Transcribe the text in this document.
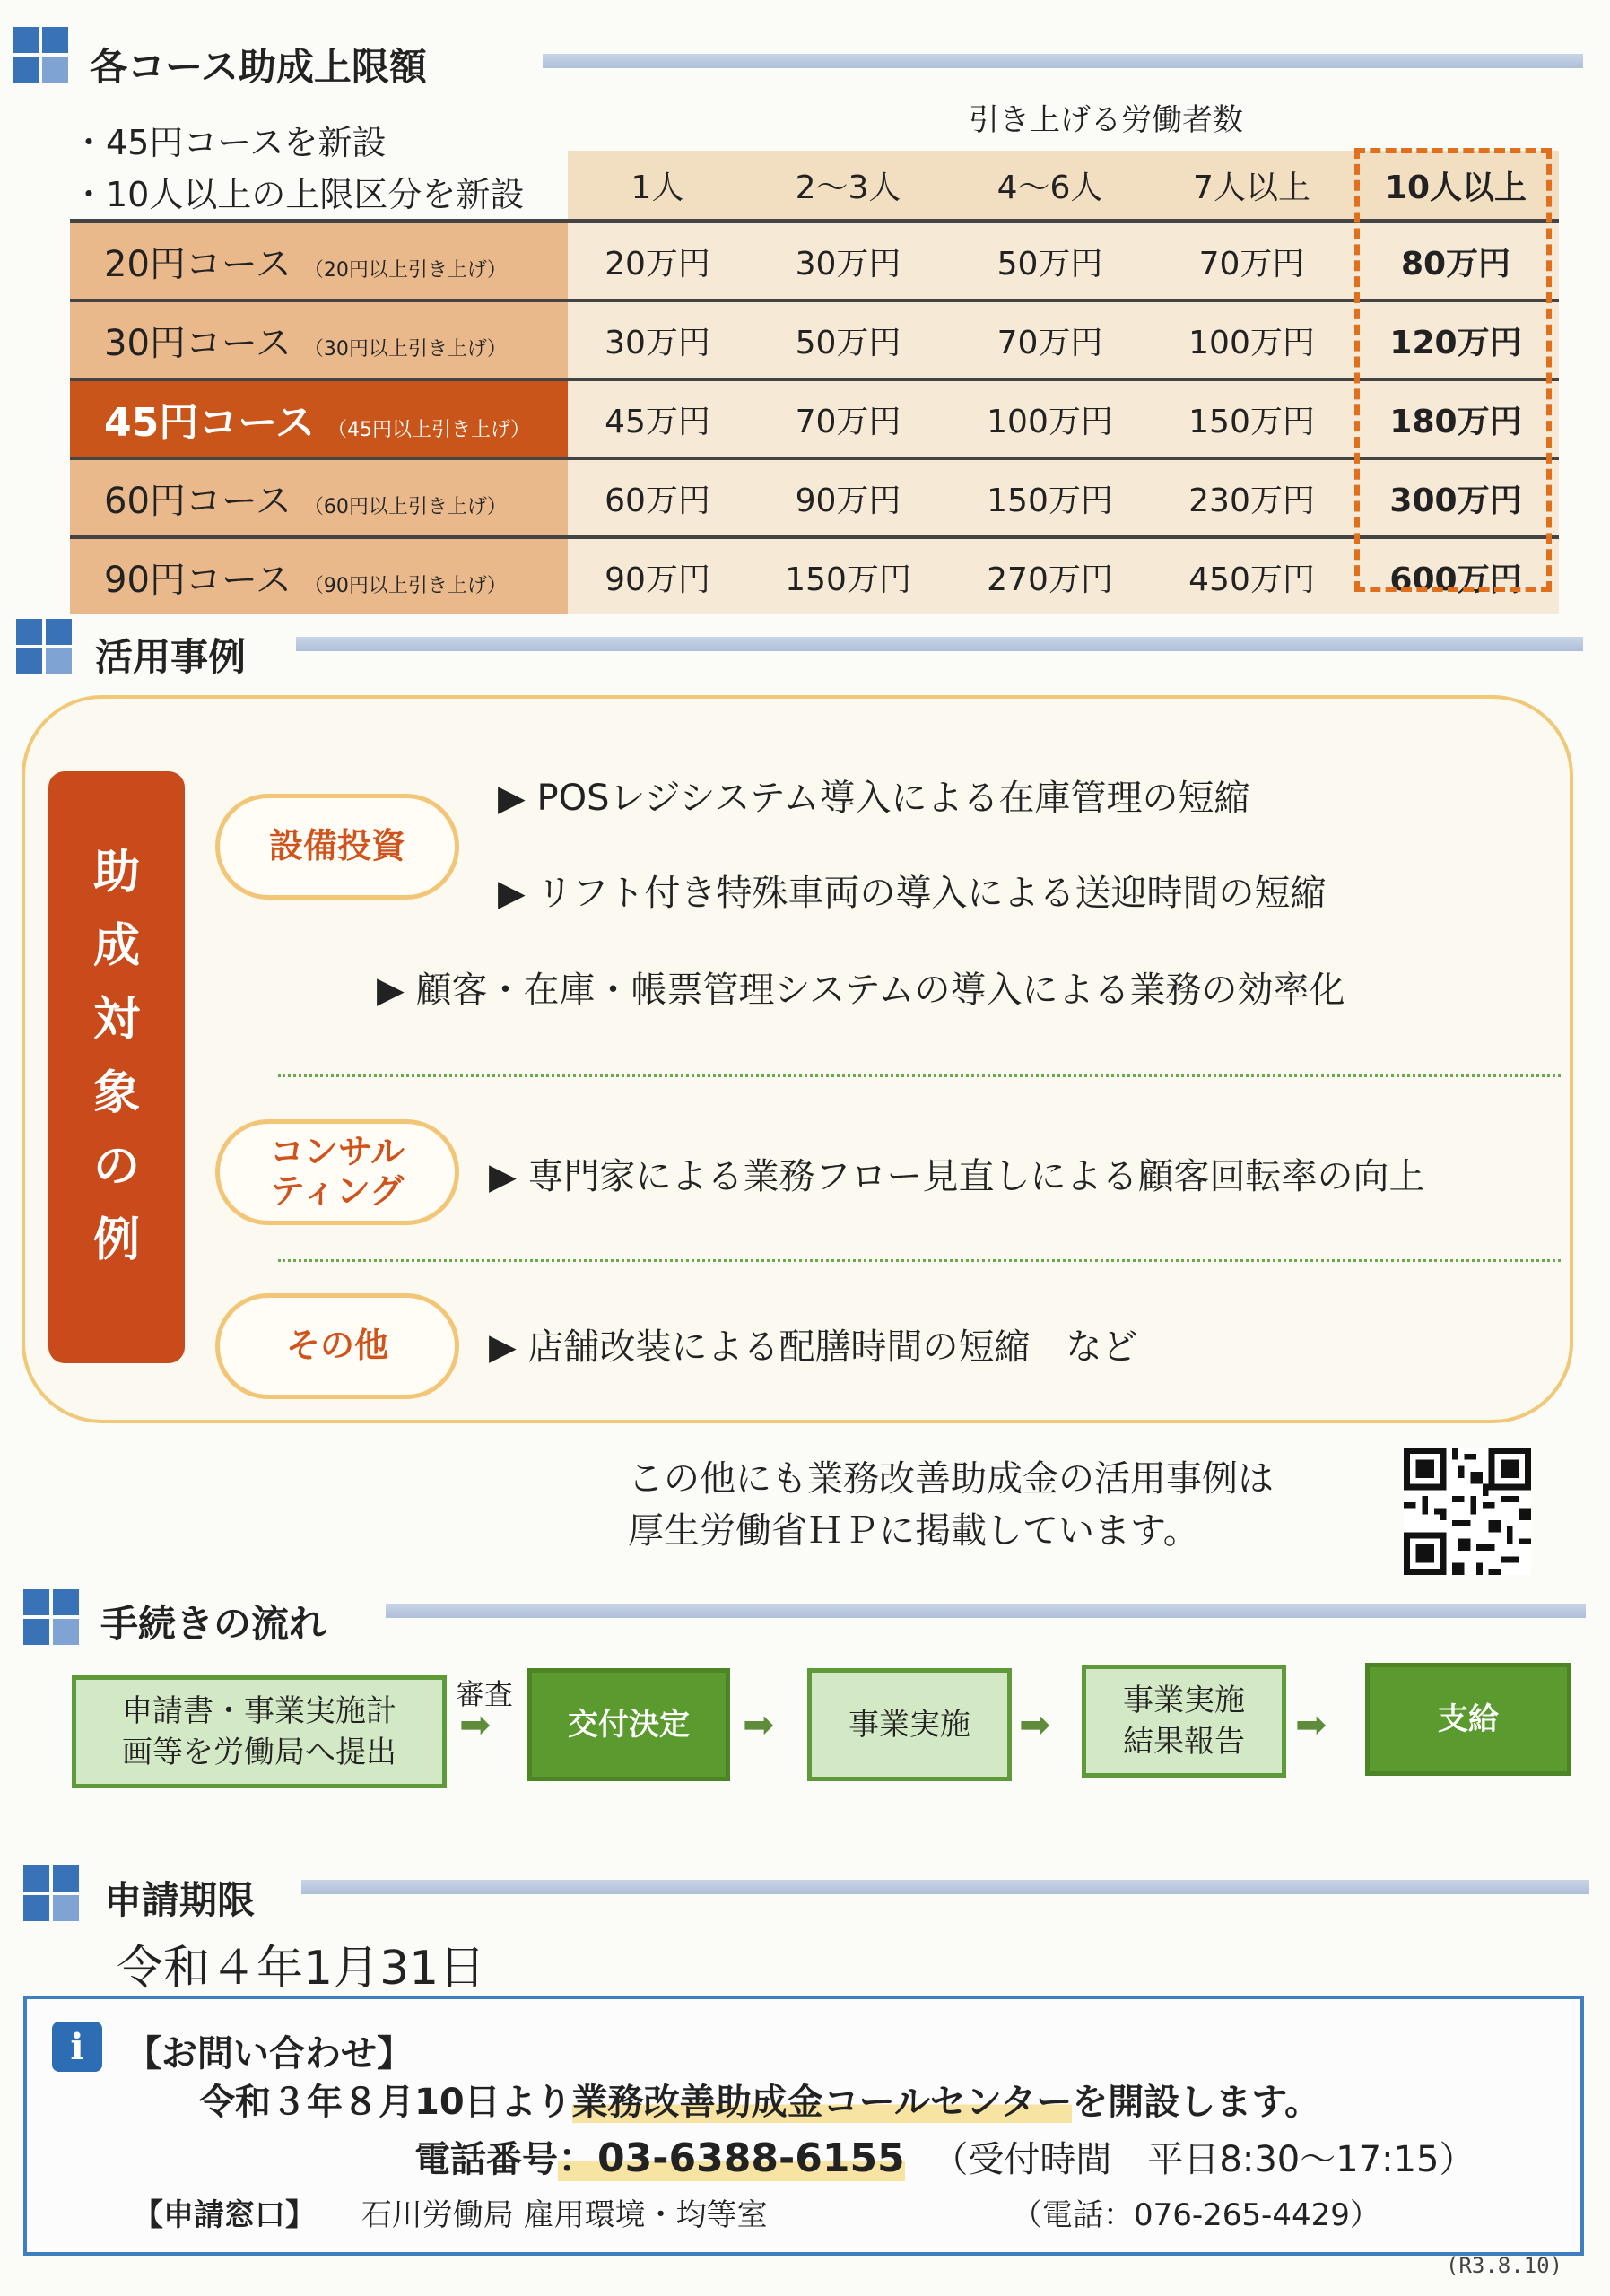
各コース助成上限額
・45円コースを新設
・10人以上の上限区分を新設
引き上げる労働者数
	1人	2～3人	4～6人	7人以上	10人以上
20円コース （20円以上引き上げ）	20万円	30万円	50万円	70万円	80万円
30円コース （30円以上引き上げ）	30万円	50万円	70万円	100万円	120万円
45円コース （45円以上引き上げ）	45万円	70万円	100万円	150万円	180万円
60円コース （60円以上引き上げ）	60万円	90万円	150万円	230万円	300万円
90円コース （90円以上引き上げ）	90万円	150万円	270万円	450万円	600万円
活用事例
助
成
対
象
の
例
設備投資
▶ POSレジシステム導入による在庫管理の短縮
▶ リフト付き特殊車両の導入による送迎時間の短縮
▶ 顧客・在庫・帳票管理システムの導入による業務の効率化
コンサル
ティング	▶ 専門家による業務フロー見直しによる顧客回転率の向上
その他	▶ 店舗改装による配膳時間の短縮　など
この他にも業務改善助成金の活用事例は
厚生労働省ＨＰに掲載しています。
手続きの流れ
申請書・事業実施計
画等を労働局へ提出
審査
➡	交付決定	➡	事業実施	➡
事業実施
結果報告	➡	支給
申請期限
令和４年1月31日
i	【お問い合わせ】
令和３年８月10日より業務改善助成金コールセンターを開設します。
電話番号：03-6388-6155 （受付時間　平日8:30～17:15）
【申請窓口】 石川労働局 雇用環境・均等室	（電話：076-265-4429）
(R3.8.10)
